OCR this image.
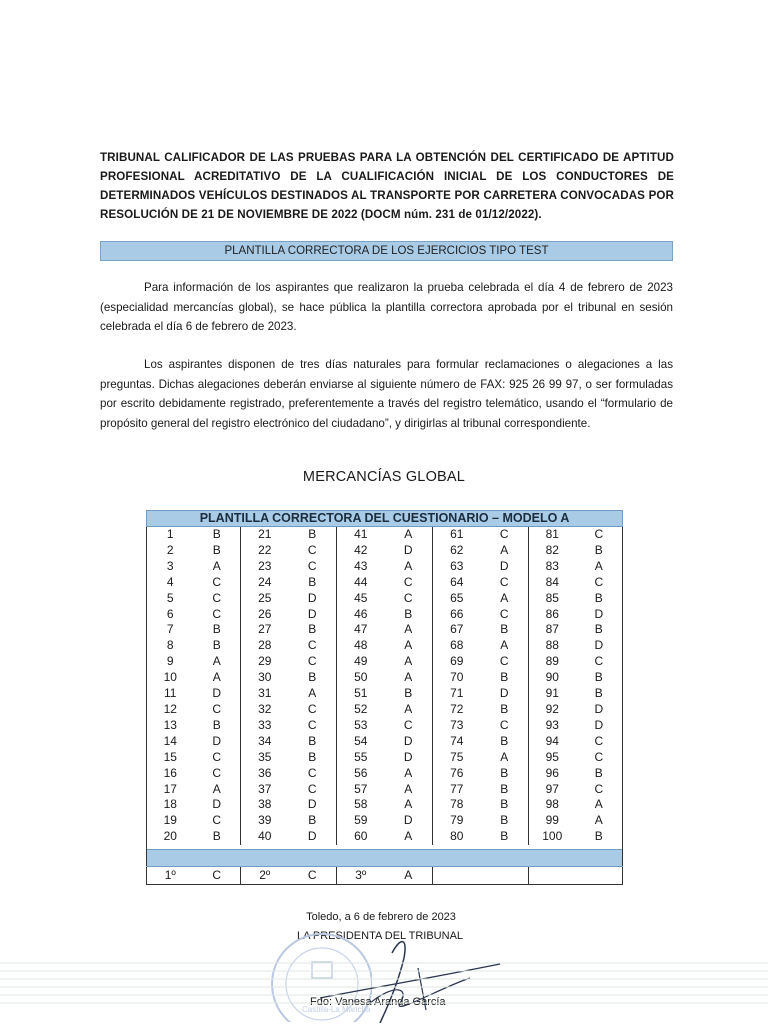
TRIBUNAL CALIFICADOR DE LAS PRUEBAS PARA LA OBTENCIÓN DEL CERTIFICADO DE APTITUD PROFESIONAL ACREDITATIVO DE LA CUALIFICACIÓN INICIAL DE LOS CONDUCTORES DE DETERMINADOS VEHÍCULOS DESTINADOS AL TRANSPORTE POR CARRETERA CONVOCADAS POR RESOLUCIÓN DE 21 DE NOVIEMBRE DE 2022 (DOCM núm. 231 de 01/12/2022).
PLANTILLA CORRECTORA DE LOS EJERCICIOS TIPO TEST
Para información de los aspirantes que realizaron la prueba celebrada el día 4 de febrero de 2023 (especialidad mercancías global), se hace pública la plantilla correctora aprobada por el tribunal en sesión celebrada el día 6 de febrero de 2023.
Los aspirantes disponen de tres días naturales para formular reclamaciones o alegaciones a las preguntas. Dichas alegaciones deberán enviarse al siguiente número de FAX: 925 26 99 97, o ser formuladas por escrito debidamente registrado, preferentemente a través del registro telemático, usando el “formulario de propósito general del registro electrónico del ciudadano”, y dirigirlas al tribunal correspondiente.
MERCANCÍAS GLOBAL
PLANTILLA CORRECTORA DEL CUESTIONARIO – MODELO A									
1	B	21	B	41	A	61	C	81	C
2	B	22	C	42	D	62	A	82	B
3	A	23	C	43	A	63	D	83	A
4	C	24	B	44	C	64	C	84	C
5	C	25	D	45	C	65	A	85	B
6	C	26	D	46	B	66	C	86	D
7	B	27	B	47	A	67	B	87	B
8	B	28	C	48	A	68	A	88	D
9	A	29	C	49	A	69	C	89	C
10	A	30	B	50	A	70	B	90	B
11	D	31	A	51	B	71	D	91	B
12	C	32	C	52	A	72	B	92	D
13	B	33	C	53	C	73	C	93	D
14	D	34	B	54	D	74	B	94	C
15	C	35	B	55	D	75	A	95	C
16	C	36	C	56	A	76	B	96	B
17	A	37	C	57	A	77	B	97	C
18	D	38	D	58	A	78	B	98	A
19	C	39	B	59	D	79	B	99	A
20	B	40	D	60	A	80	B	100	B

1º	C	2º	C	3º	A				
Toledo, a 6 de febrero de 2023
LA PRESIDENTA DEL TRIBUNAL
Castilla-La Mancha
Fdo: Vanesa Aranda García
